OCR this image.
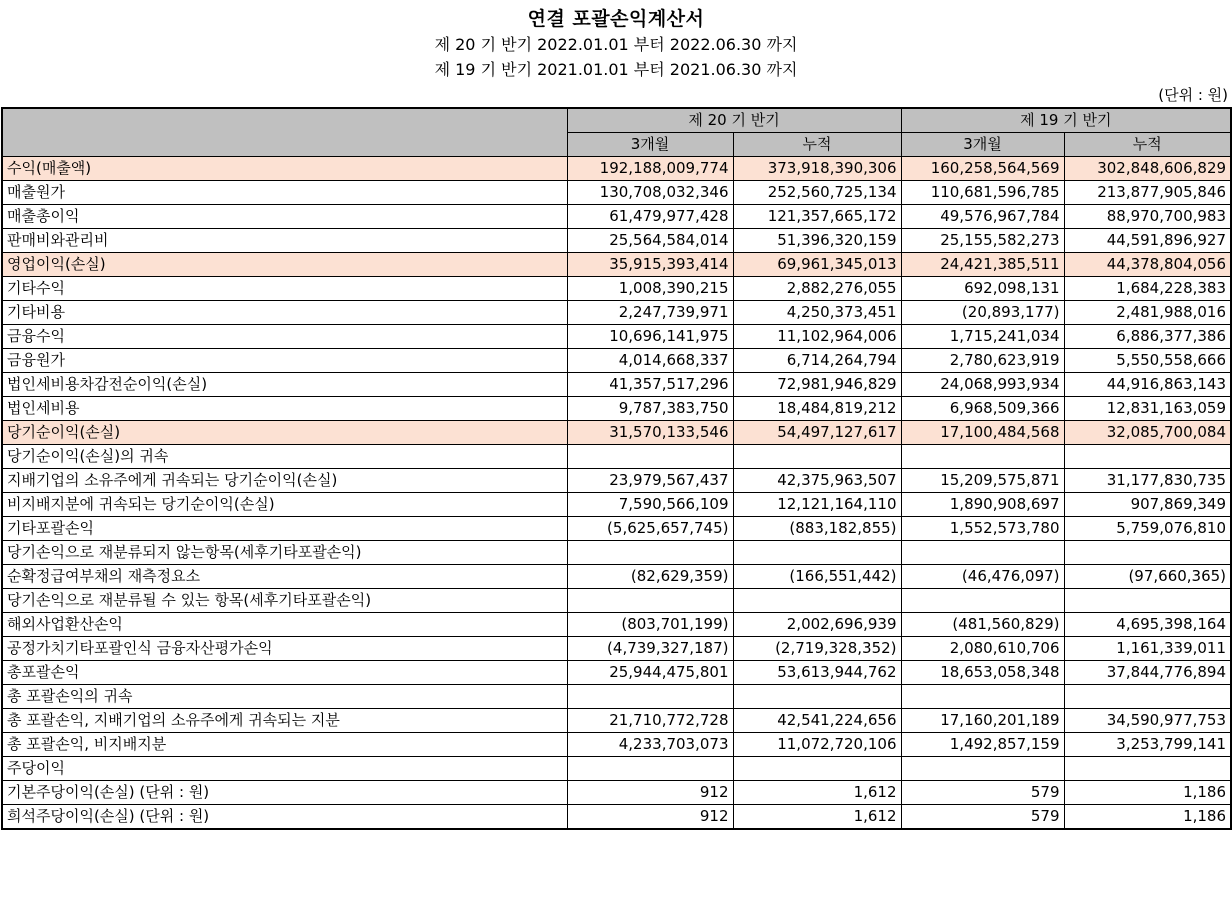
연결 포괄손익계산서
제 20 기 반기 2022.01.01 부터 2022.06.30 까지
제 19 기 반기 2021.01.01 부터 2021.06.30 까지
(단위 : 원)
	제 20 기 반기		제 19 기 반기	
	3개월	누적	3개월	누적
수익(매출액)	192,188,009,774	373,918,390,306	160,258,564,569	302,848,606,829
매출원가	130,708,032,346	252,560,725,134	110,681,596,785	213,877,905,846
매출총이익	61,479,977,428	121,357,665,172	49,576,967,784	88,970,700,983
판매비와관리비	25,564,584,014	51,396,320,159	25,155,582,273	44,591,896,927
영업이익(손실)	35,915,393,414	69,961,345,013	24,421,385,511	44,378,804,056
기타수익	1,008,390,215	2,882,276,055	692,098,131	1,684,228,383
기타비용	2,247,739,971	4,250,373,451	(20,893,177)	2,481,988,016
금융수익	10,696,141,975	11,102,964,006	1,715,241,034	6,886,377,386
금융원가	4,014,668,337	6,714,264,794	2,780,623,919	5,550,558,666
법인세비용차감전순이익(손실)	41,357,517,296	72,981,946,829	24,068,993,934	44,916,863,143
법인세비용	9,787,383,750	18,484,819,212	6,968,509,366	12,831,163,059
당기순이익(손실)	31,570,133,546	54,497,127,617	17,100,484,568	32,085,700,084
당기순이익(손실)의 귀속				
지배기업의 소유주에게 귀속되는 당기순이익(손실)	23,979,567,437	42,375,963,507	15,209,575,871	31,177,830,735
비지배지분에 귀속되는 당기순이익(손실)	7,590,566,109	12,121,164,110	1,890,908,697	907,869,349
기타포괄손익	(5,625,657,745)	(883,182,855)	1,552,573,780	5,759,076,810
당기손익으로 재분류되지 않는항목(세후기타포괄손익)				
순확정급여부채의 재측정요소	(82,629,359)	(166,551,442)	(46,476,097)	(97,660,365)
당기손익으로 재분류될 수 있는 항목(세후기타포괄손익)				
해외사업환산손익	(803,701,199)	2,002,696,939	(481,560,829)	4,695,398,164
공정가치기타포괄인식 금융자산평가손익	(4,739,327,187)	(2,719,328,352)	2,080,610,706	1,161,339,011
총포괄손익	25,944,475,801	53,613,944,762	18,653,058,348	37,844,776,894
총 포괄손익의 귀속				
총 포괄손익, 지배기업의 소유주에게 귀속되는 지분	21,710,772,728	42,541,224,656	17,160,201,189	34,590,977,753
총 포괄손익, 비지배지분	4,233,703,073	11,072,720,106	1,492,857,159	3,253,799,141
주당이익				
기본주당이익(손실) (단위 : 원)	912	1,612	579	1,186
희석주당이익(손실) (단위 : 원)	912	1,612	579	1,186
